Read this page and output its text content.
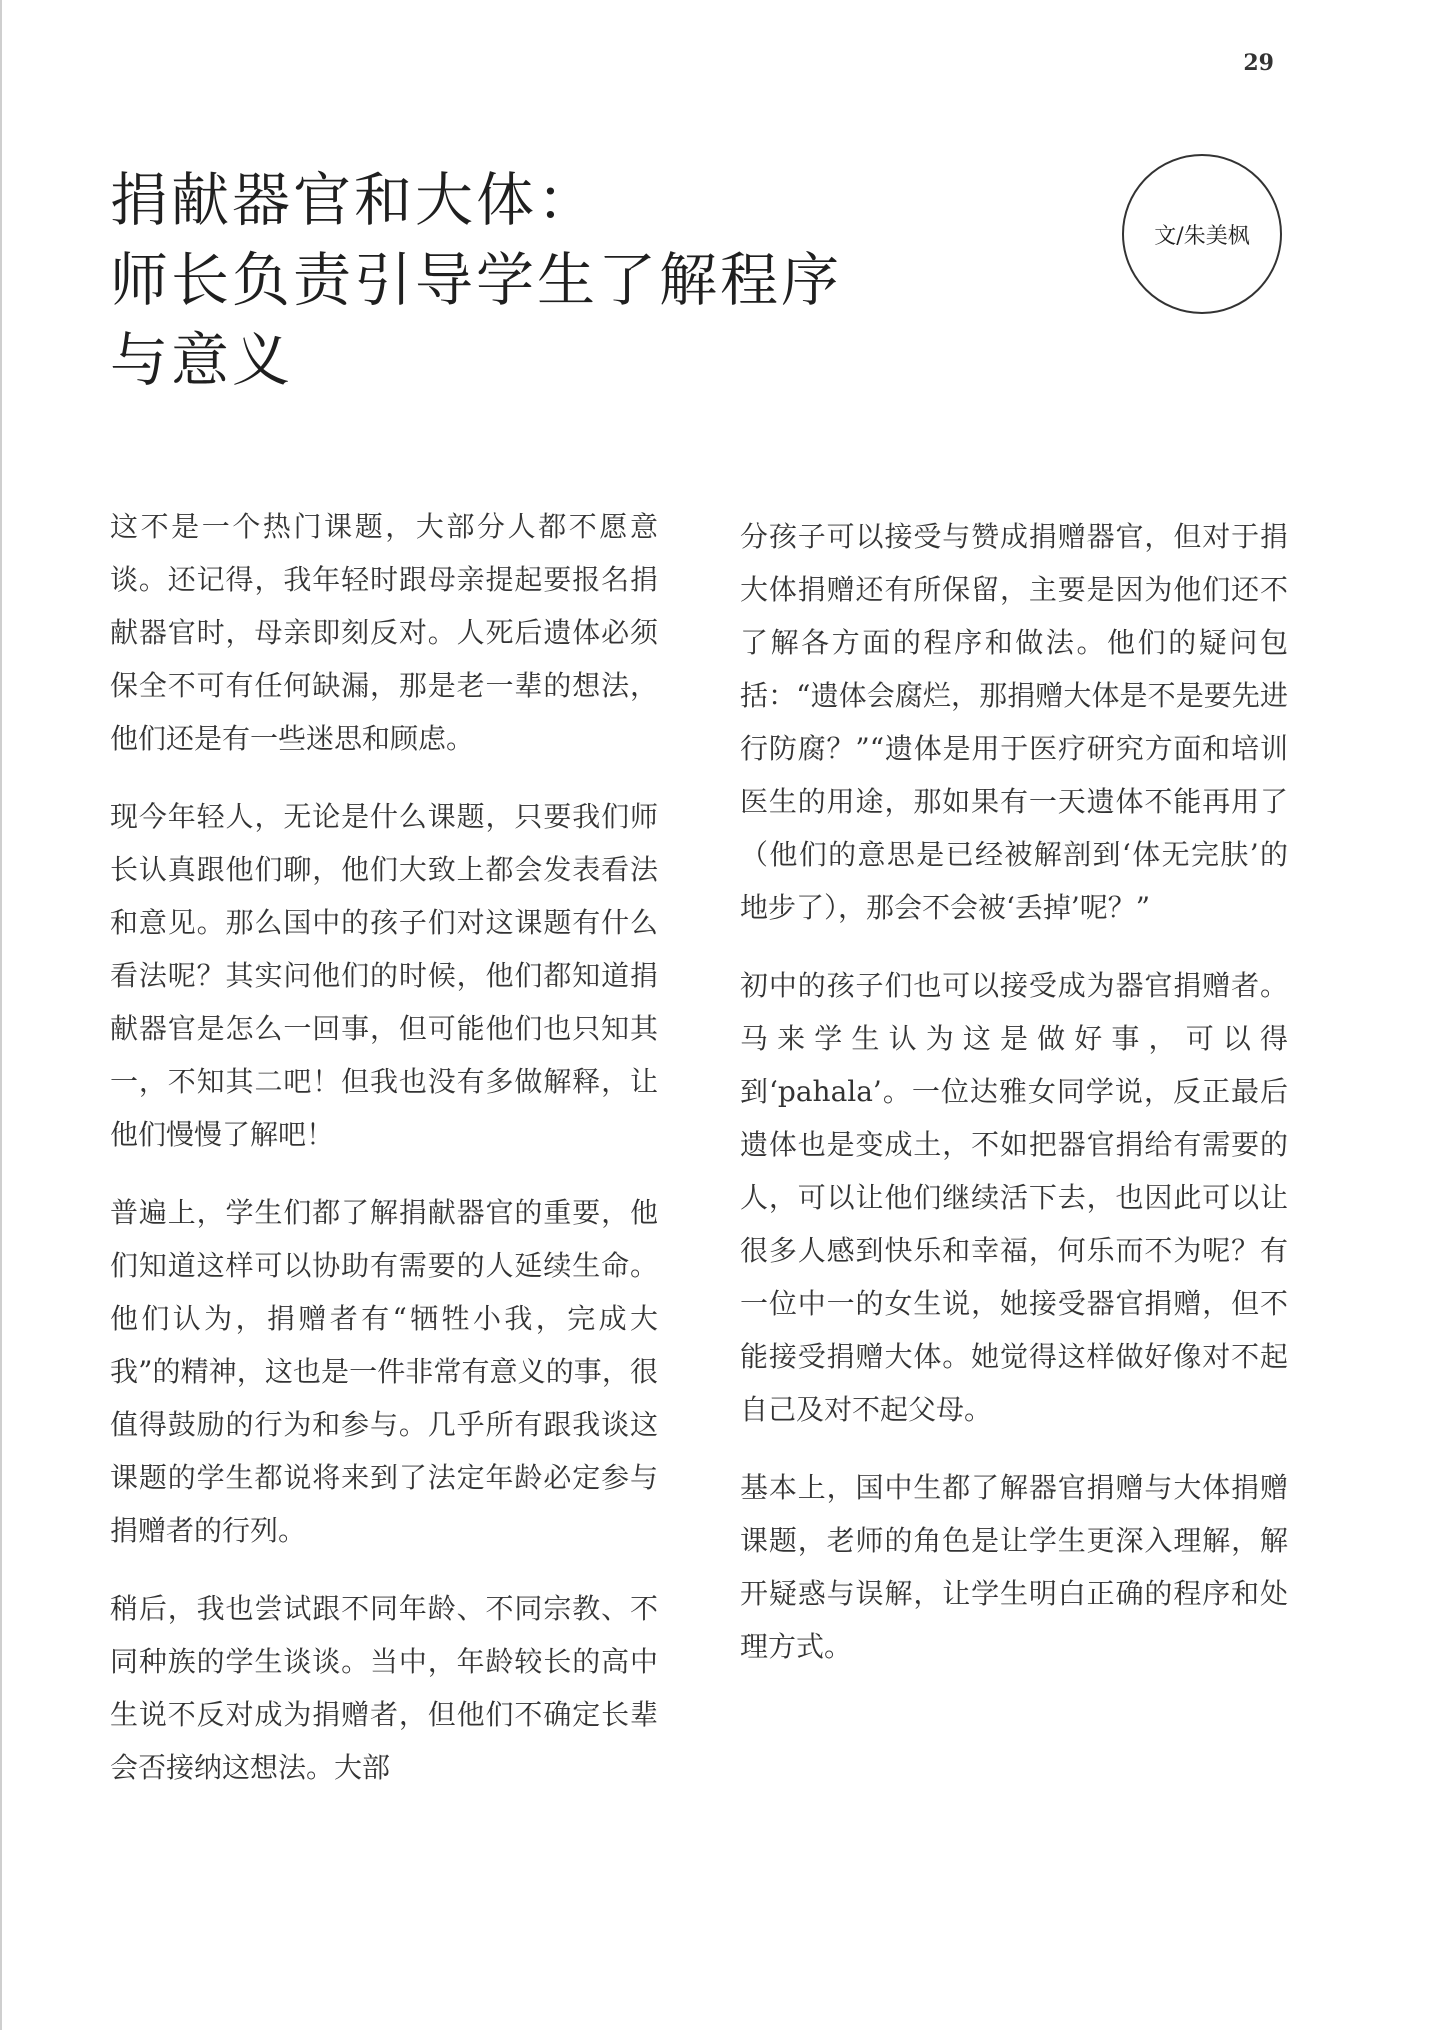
29
捐献器官和大体：
师长负责引导学生了解程序
与意义
文/朱美枫

这不是一个热门课题，大部分人都不愿意谈。还记得，我年轻时跟母亲提起要报名捐献器官时，母亲即刻反对。人死后遗体必须保全不可有任何缺漏，那是老一辈的想法，他们还是有一些迷思和顾虑。

现今年轻人，无论是什么课题，只要我们师长认真跟他们聊，他们大致上都会发表看法和意见。那么国中的孩子们对这课题有什么看法呢？其实问他们的时候，他们都知道捐献器官是怎么一回事，但可能他们也只知其一，不知其二吧！但我也没有多做解释，让他们慢慢了解吧！

普遍上，学生们都了解捐献器官的重要，他们知道这样可以协助有需要的人延续生命。他们认为，捐赠者有“牺牲小我，完成大我”的精神，这也是一件非常有意义的事，很值得鼓励的行为和参与。几乎所有跟我谈这课题的学生都说将来到了法定年龄必定参与捐赠者的行列。

稍后，我也尝试跟不同年龄、不同宗教、不同种族的学生谈谈。当中，年龄较长的高中生说不反对成为捐赠者，但他们不确定长辈会否接纳这想法。大部

分孩子可以接受与赞成捐赠器官，但对于捐大体捐赠还有所保留，主要是因为他们还不了解各方面的程序和做法。他们的疑问包括：“遗体会腐烂，那捐赠大体是不是要先进行防腐？”“遗体是用于医疗研究方面和培训医生的用途，那如果有一天遗体不能再用了（他们的意思是已经被解剖到‘体无完肤’的地步了），那会不会被‘丢掉’呢？”

初中的孩子们也可以接受成为器官捐赠者。马来学生认为这是做好事，可以得到‘pahala’。一位达雅女同学说，反正最后遗体也是变成土，不如把器官捐给有需要的人，可以让他们继续活下去，也因此可以让很多人感到快乐和幸福，何乐而不为呢？有一位中一的女生说，她接受器官捐赠，但不能接受捐赠大体。她觉得这样做好像对不起自己及对不起父母。

基本上，国中生都了解器官捐赠与大体捐赠课题，老师的角色是让学生更深入理解，解开疑惑与误解，让学生明白正确的程序和处理方式。
